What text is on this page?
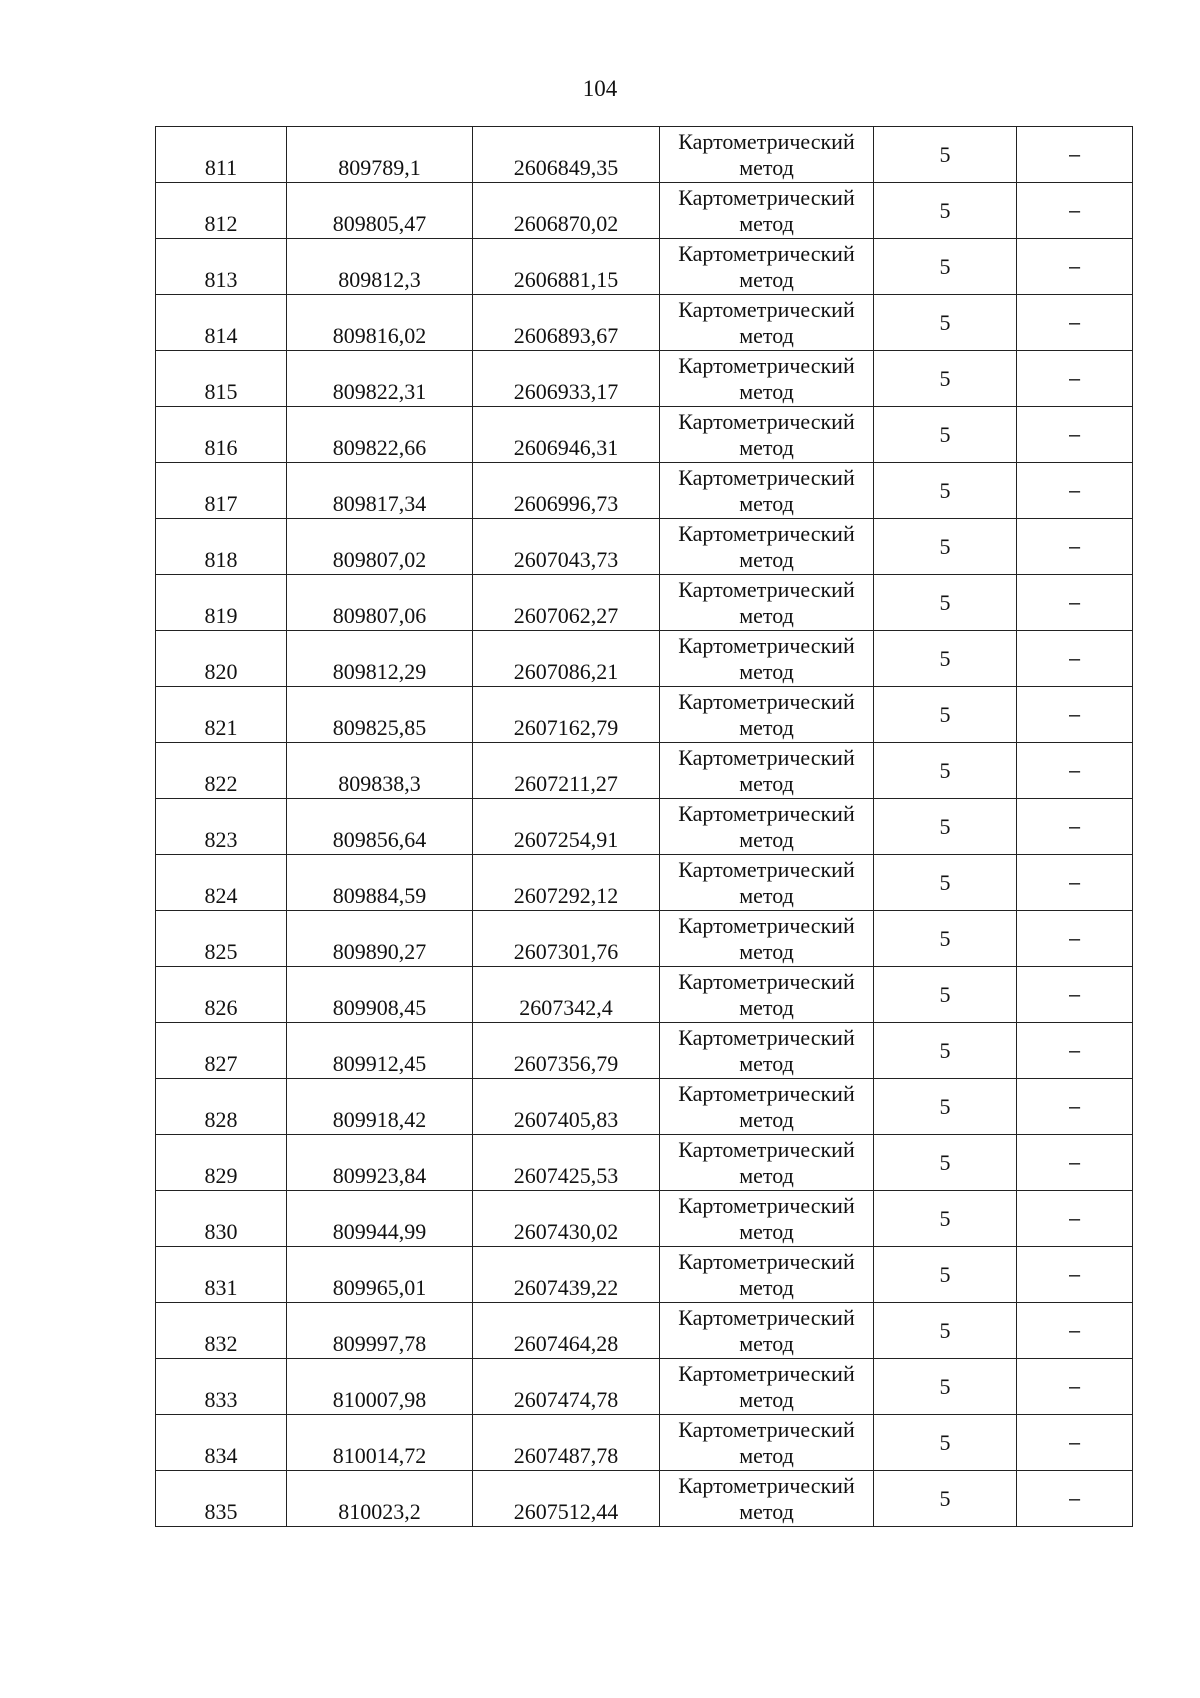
104
811	809789,1	2606849,35	Картометрический
метод	5	–
812	809805,47	2606870,02	Картометрический
метод	5	–
813	809812,3	2606881,15	Картометрический
метод	5	–
814	809816,02	2606893,67	Картометрический
метод	5	–
815	809822,31	2606933,17	Картометрический
метод	5	–
816	809822,66	2606946,31	Картометрический
метод	5	–
817	809817,34	2606996,73	Картометрический
метод	5	–
818	809807,02	2607043,73	Картометрический
метод	5	–
819	809807,06	2607062,27	Картометрический
метод	5	–
820	809812,29	2607086,21	Картометрический
метод	5	–
821	809825,85	2607162,79	Картометрический
метод	5	–
822	809838,3	2607211,27	Картометрический
метод	5	–
823	809856,64	2607254,91	Картометрический
метод	5	–
824	809884,59	2607292,12	Картометрический
метод	5	–
825	809890,27	2607301,76	Картометрический
метод	5	–
826	809908,45	2607342,4	Картометрический
метод	5	–
827	809912,45	2607356,79	Картометрический
метод	5	–
828	809918,42	2607405,83	Картометрический
метод	5	–
829	809923,84	2607425,53	Картометрический
метод	5	–
830	809944,99	2607430,02	Картометрический
метод	5	–
831	809965,01	2607439,22	Картометрический
метод	5	–
832	809997,78	2607464,28	Картометрический
метод	5	–
833	810007,98	2607474,78	Картометрический
метод	5	–
834	810014,72	2607487,78	Картометрический
метод	5	–
835	810023,2	2607512,44	Картометрический
метод	5	–
